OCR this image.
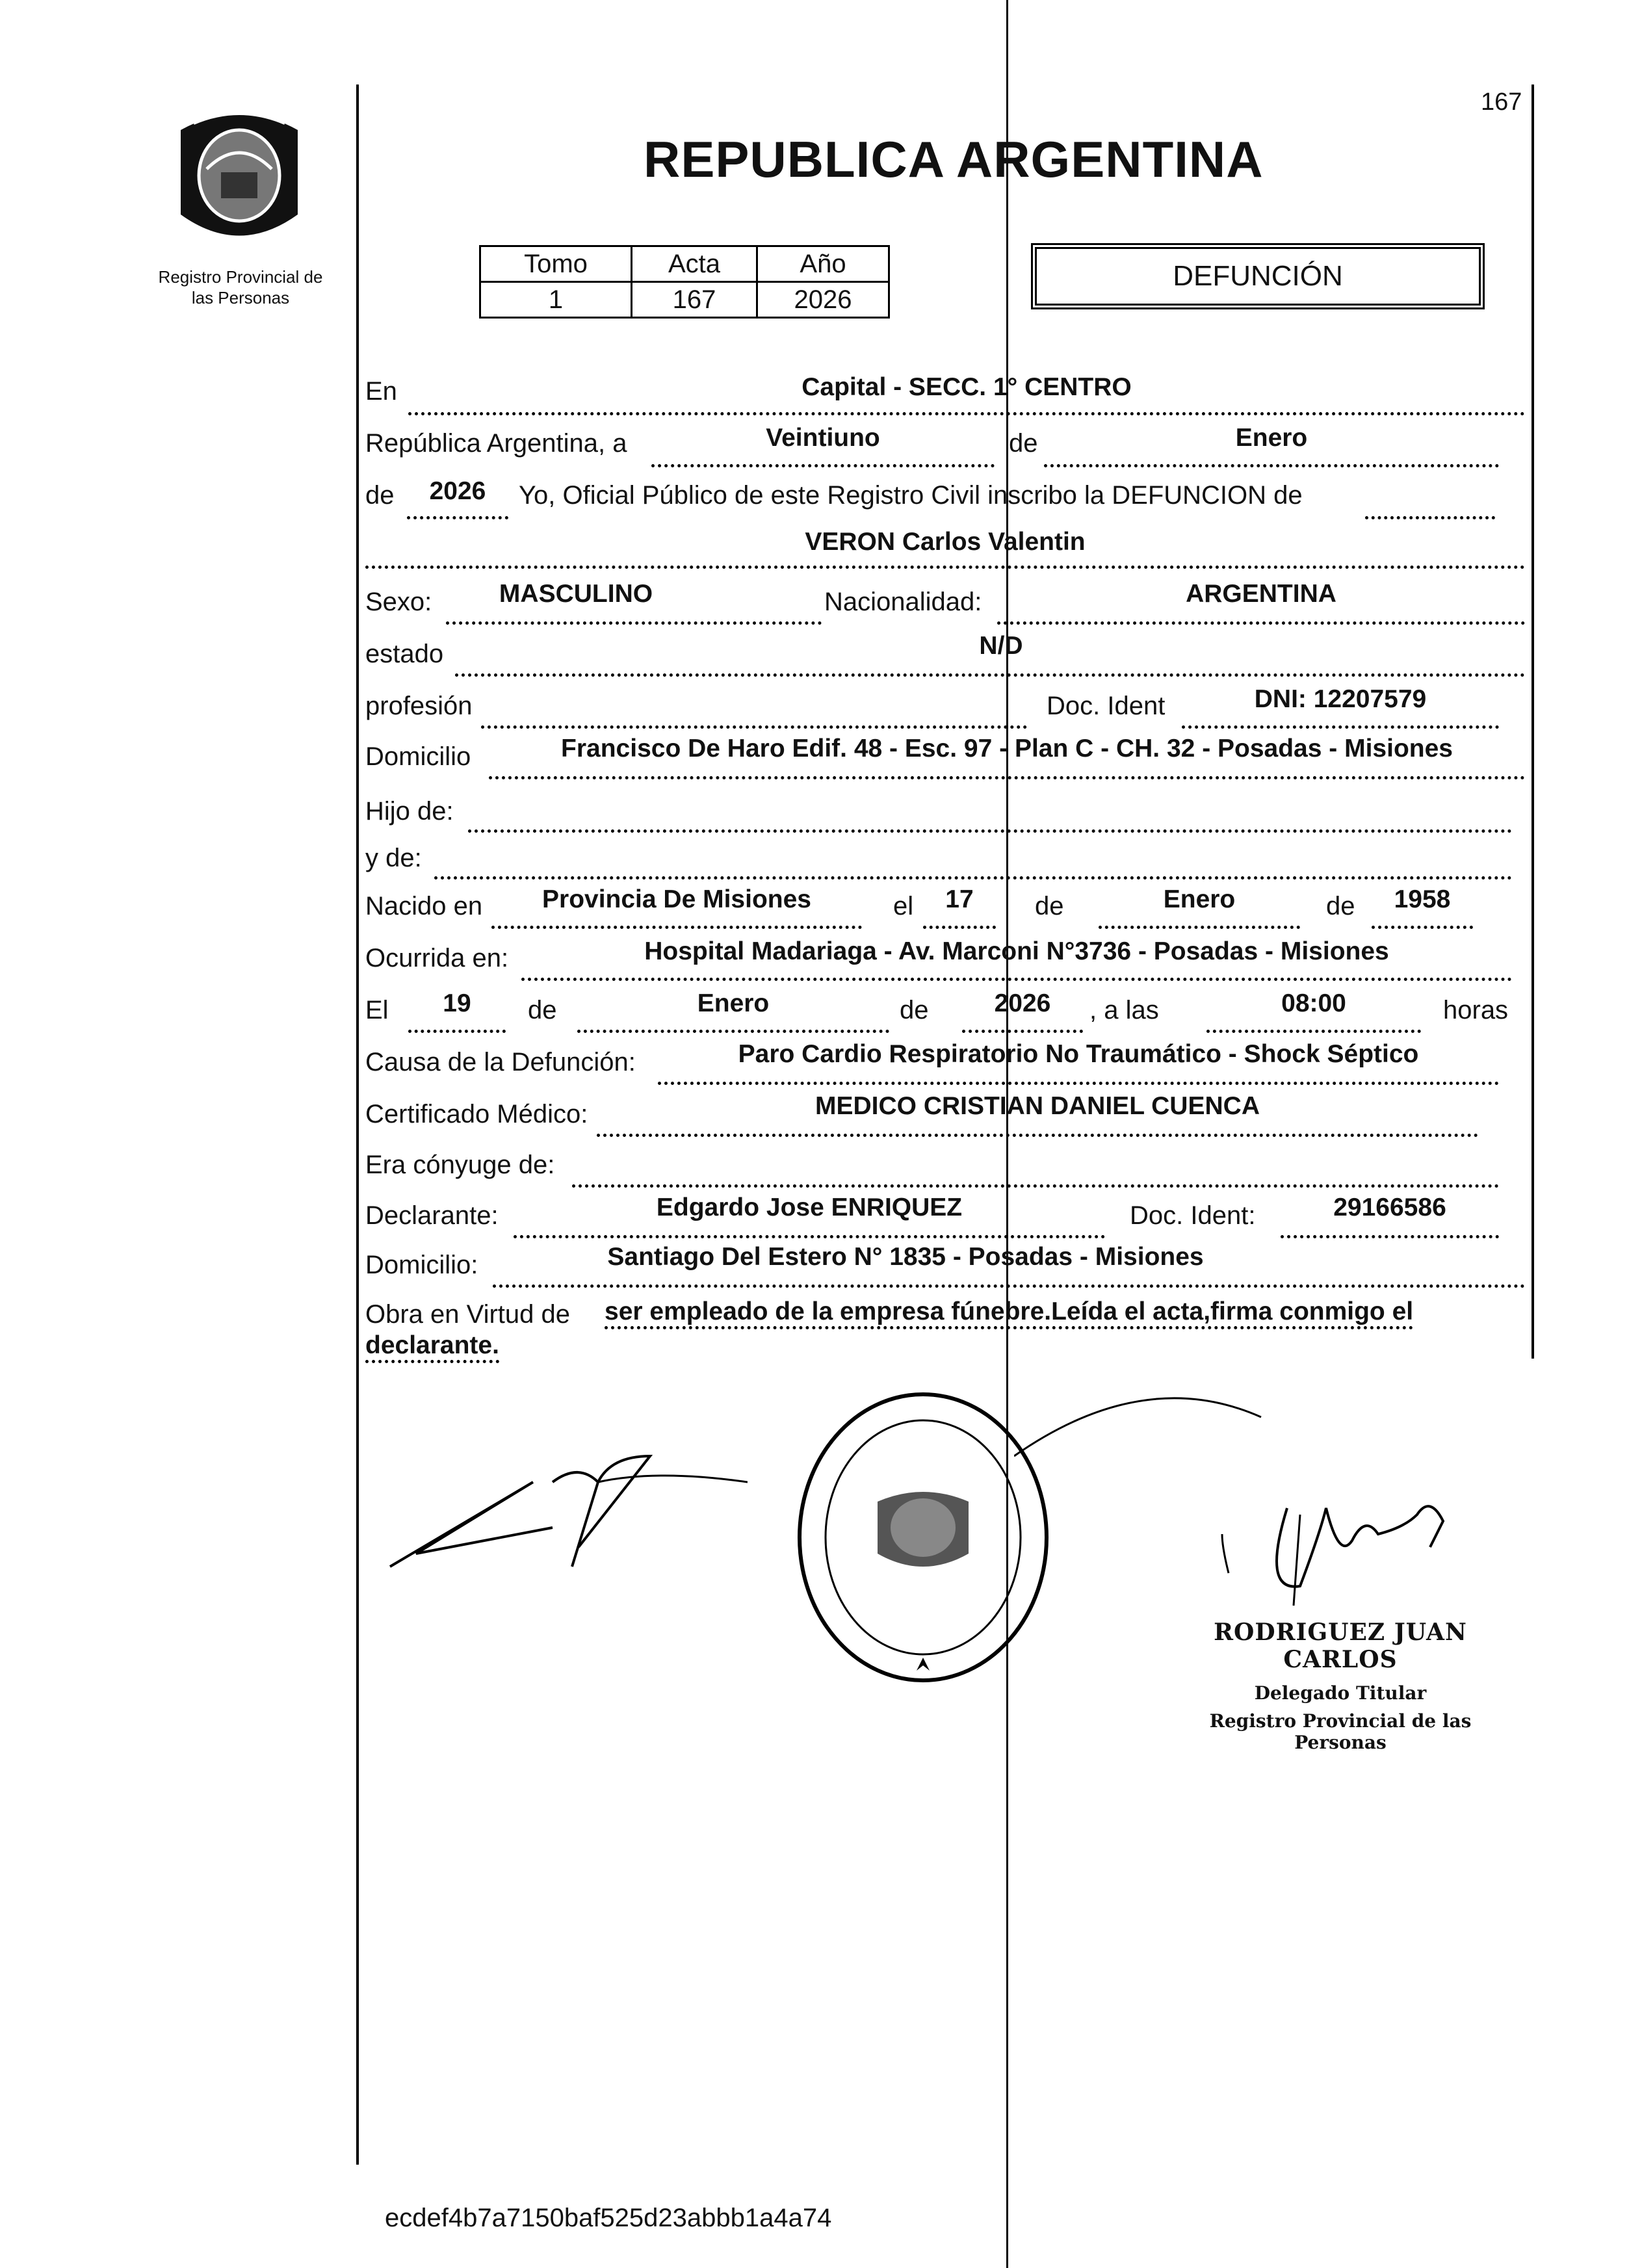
Registro Provincial de
las Personas
167
REPUBLICA ARGENTINA
Tomo	Acta	Año
1	167	2026
DEFUNCIÓN
En	Capital - SECC. 1° CENTRO
República Argentina, a	Veintiuno	de	Enero
de	2026	Yo, Oficial Público de este Registro Civil inscribo la DEFUNCION de
VERON Carlos Valentin
Sexo:	MASCULINO	Nacionalidad:	ARGENTINA
estado	N/D
profesión	Doc. Ident	DNI: 12207579
Domicilio	Francisco De Haro Edif. 48 - Esc. 97 - Plan C - CH. 32 - Posadas - Misiones
Hijo de:
y de:
Nacido en	Provincia De Misiones	el	17	de	Enero	de	1958
Ocurrida en:	Hospital Madariaga - Av. Marconi N°3736 - Posadas - Misiones
El	19	de	Enero	de	2026	, a las	08:00	horas
Causa de la Defunción:	Paro Cardio Respiratorio No Traumático - Shock Séptico
Certificado Médico:	MEDICO CRISTIAN DANIEL CUENCA
Era cónyuge de:
Declarante:	Edgardo Jose ENRIQUEZ	Doc. Ident:	29166586
Domicilio:	Santiago Del Estero N° 1835 - Posadas - Misiones
Obra en Virtud de ser empleado de la empresa fúnebre.Leída el acta,firma conmigo el
declarante.
RODRIGUEZ JUAN CARLOS
Delegado Titular
Registro Provincial de las Personas
ecdef4b7a7150baf525d23abbb1a4a74
